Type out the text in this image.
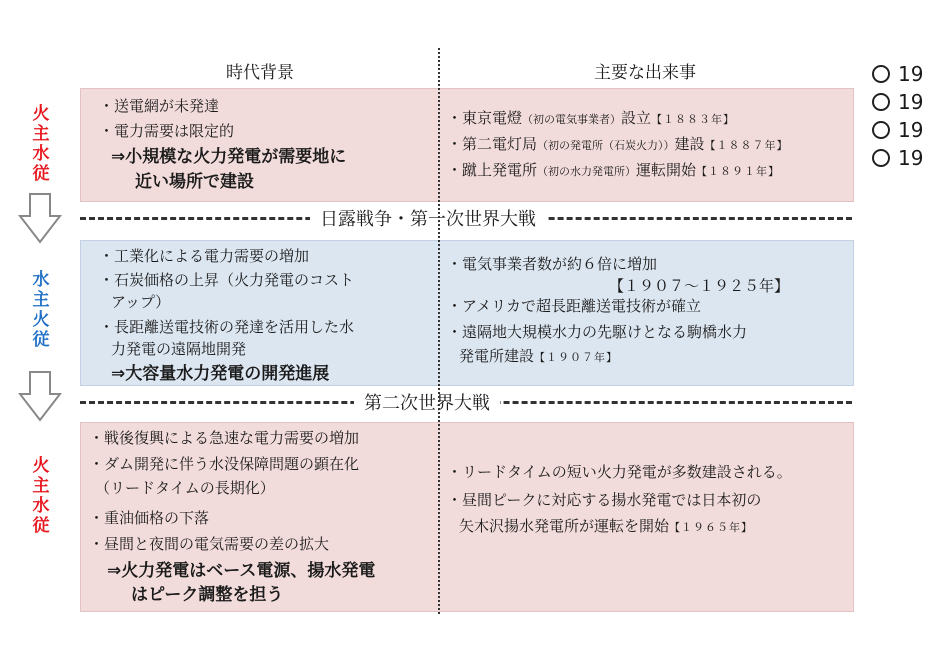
時代背景	主要な出来事
火
主
水
従
・送電網が未発達
・電力需要は限定的
⇒小規模な火力発電が需要地に
近い場所で建設
・東京電燈（初の電気事業者）設立【１８８３年】
・第二電灯局（初の発電所（石炭火力））建設【１８８７年】
・蹴上発電所（初の水力発電所）運転開始【１８９１年】
日露戦争・第一次世界大戦
水
主
火
従
・工業化による電力需要の増加
・石炭価格の上昇（火力発電のコスト
アップ）
・長距離送電技術の発達を活用した水
力発電の遠隔地開発
⇒大容量水力発電の開発進展
・電気事業者数が約６倍に増加
【１９０７～１９２５年】
・アメリカで超長距離送電技術が確立
・遠隔地大規模水力の先駆けとなる駒橋水力
発電所建設【１９０７年】
第二次世界大戦
火
主
水
従
・戦後復興による急速な電力需要の増加
・ダム開発に伴う水没保障問題の顕在化
（リードタイムの長期化）
・重油価格の下落
・昼間と夜間の電気需要の差の拡大
⇒火力発電はベース電源、揚水発電
はピーク調整を担う
・リードタイムの短い火力発電が多数建設される。
・昼間ピークに対応する揚水発電では日本初の
矢木沢揚水発電所が運転を開始【１９６５年】
19
19
19
19
